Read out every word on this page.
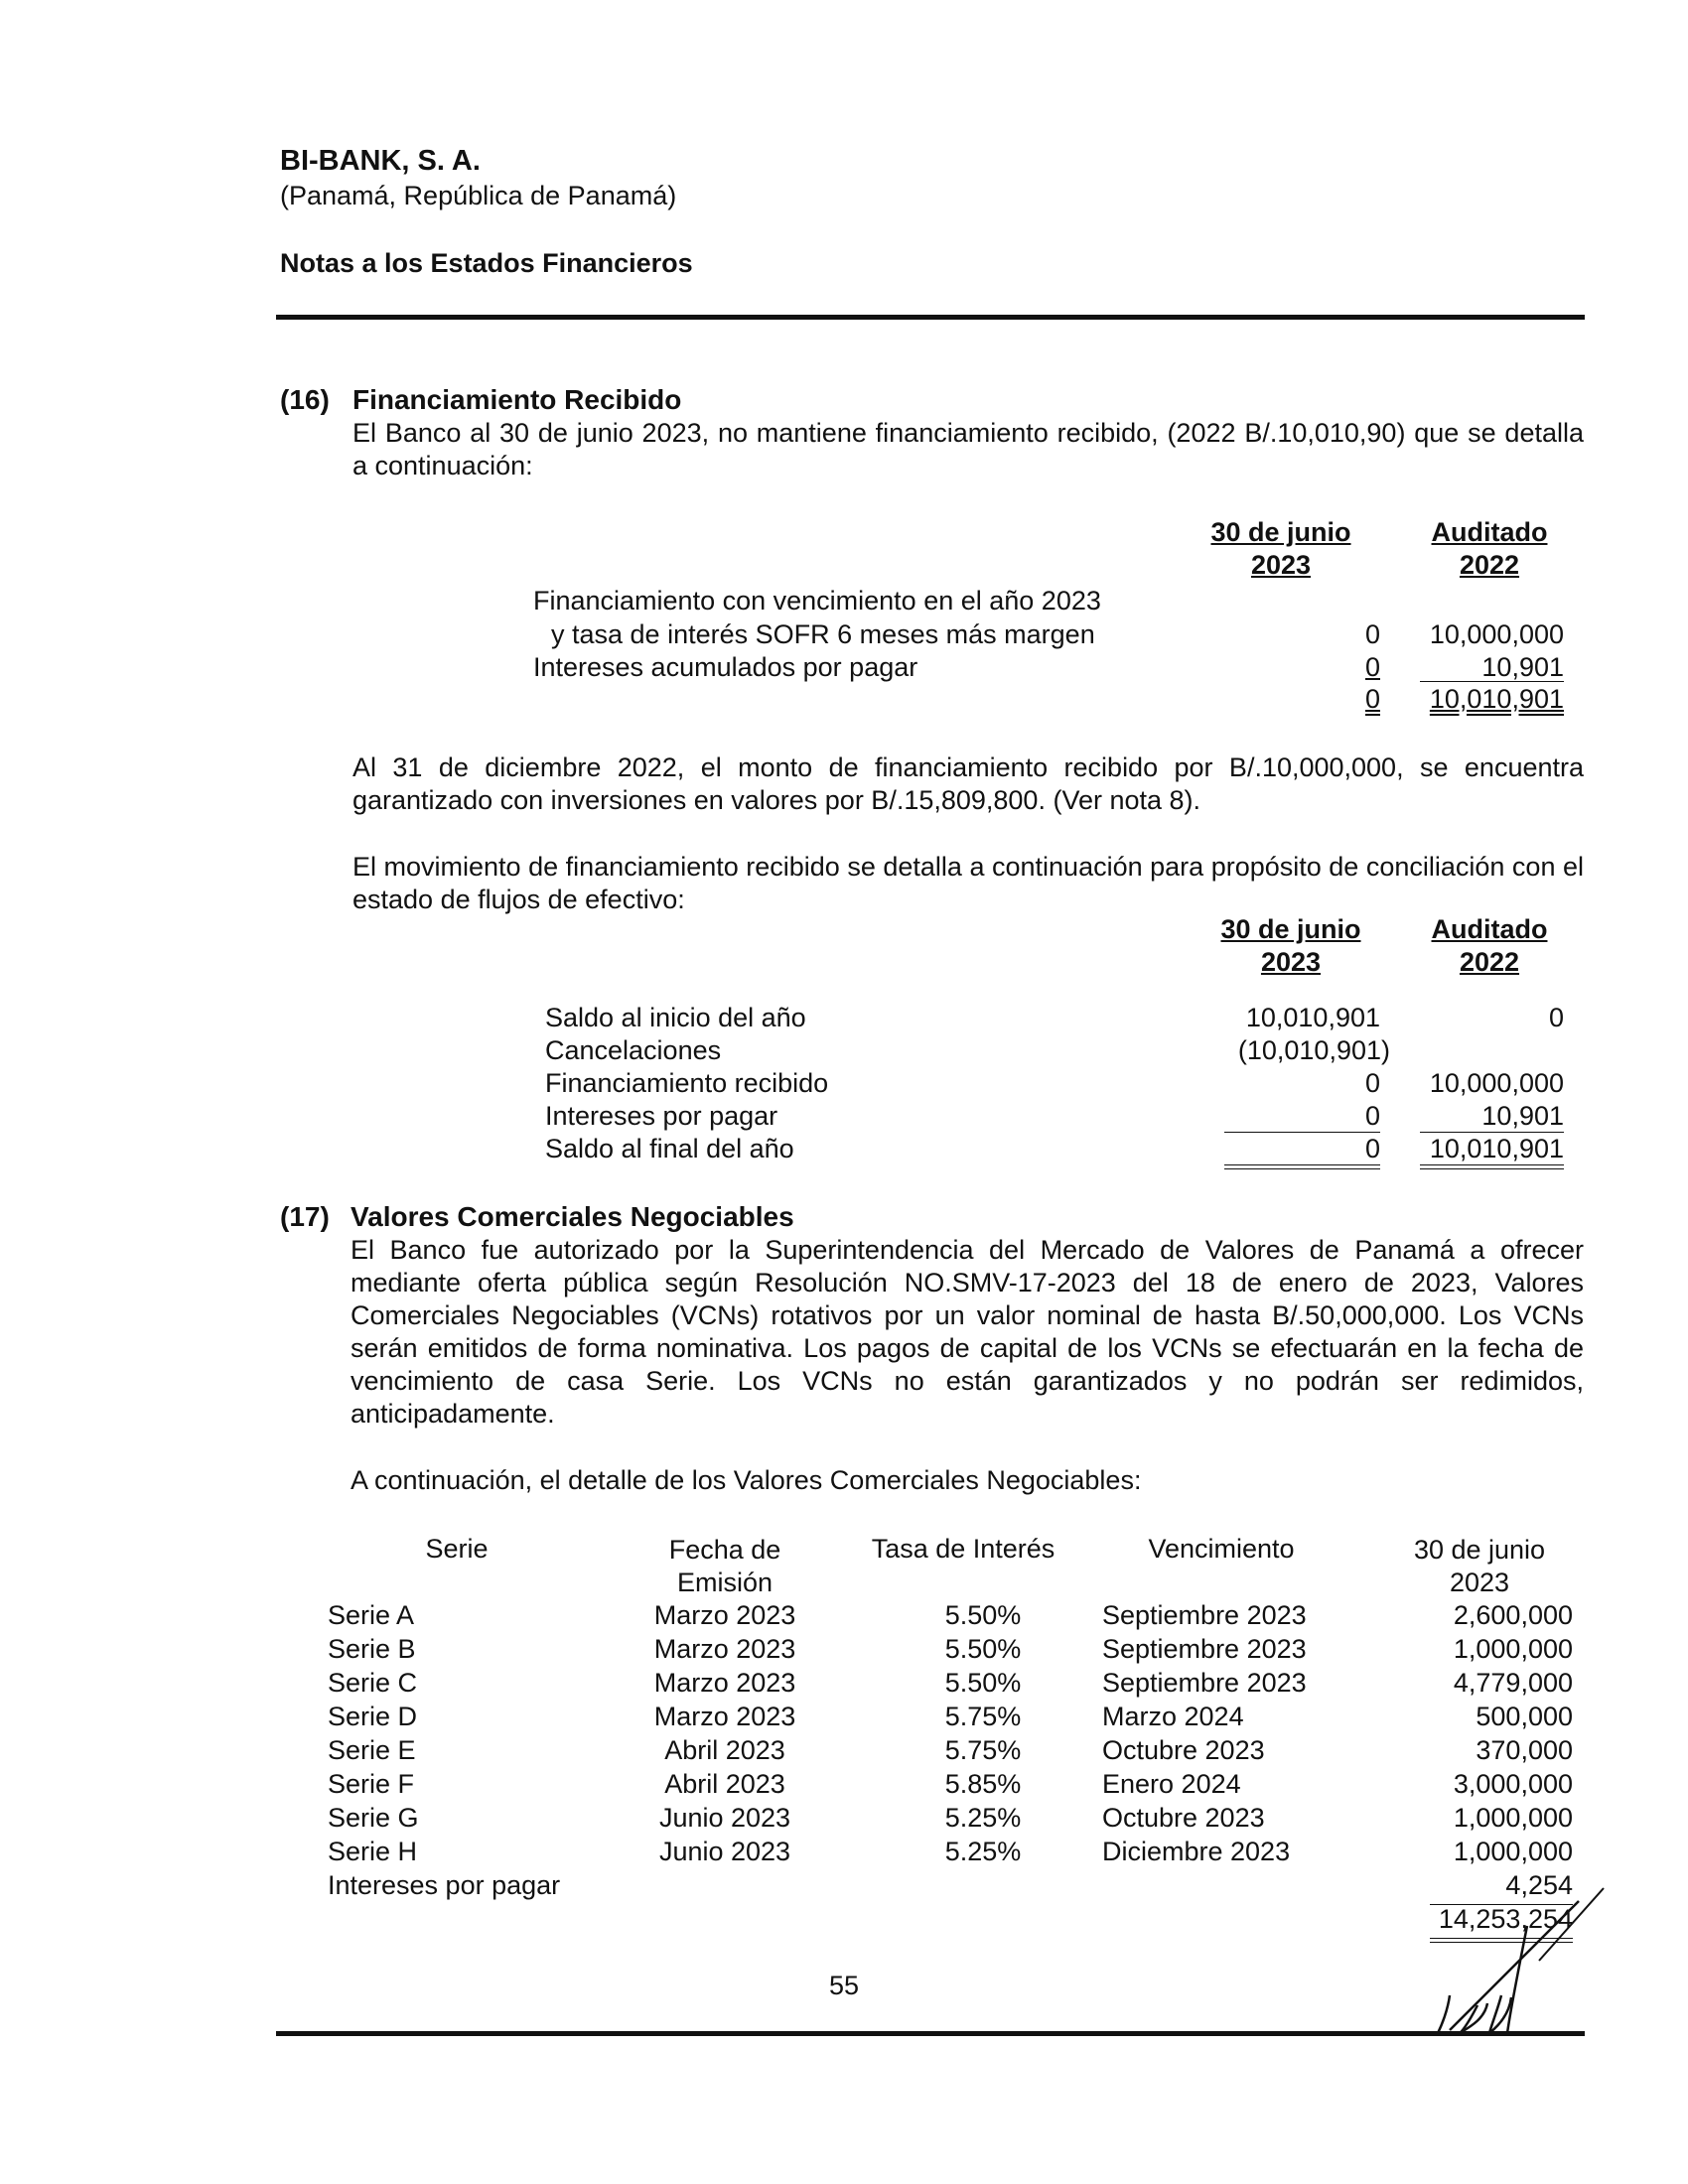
BI-BANK, S. A.
(Panamá, República de Panamá)
Notas a los Estados Financieros
(16) Financiamiento Recibido
El Banco al 30 de junio 2023, no mantiene financiamiento recibido, (2022 B/.10,010,90) que se detalla a continuación:
30 de junio
2023
Auditado
2022
Financiamiento con vencimiento en el año 2023
y tasa de interés SOFR 6 meses más margen	0	10,000,000
Intereses acumulados por pagar	0	10,901
0	10,010,901
Al 31 de diciembre 2022, el monto de financiamiento recibido por B/.10,000,000, se encuentra garantizado con inversiones en valores por B/.15,809,800. (Ver nota 8).
El movimiento de financiamiento recibido se detalla a continuación para propósito de conciliación con el estado de flujos de efectivo:
30 de junio
2023
Auditado
2022
Saldo al inicio del año	10,010,901	0
Cancelaciones	(10,010,901)
Financiamiento recibido	0	10,000,000
Intereses por pagar	0	10,901
Saldo al final del año	0	10,010,901
(17) Valores Comerciales Negociables
El Banco fue autorizado por la Superintendencia del Mercado de Valores de Panamá a ofrecer mediante oferta pública según Resolución NO.SMV-17-2023 del 18 de enero de 2023, Valores Comerciales Negociables (VCNs) rotativos por un valor nominal de hasta B/.50,000,000. Los VCNs serán emitidos de forma nominativa. Los pagos de capital de los VCNs se efectuarán en la fecha de vencimiento de casa Serie. Los VCNs no están garantizados y no podrán ser redimidos, anticipadamente.
A continuación, el detalle de los Valores Comerciales Negociables:
Serie	Fecha de
Emisión
Tasa de Interés	Vencimiento	30 de junio
2023
Serie A	Marzo 2023	5.50%	Septiembre 2023	2,600,000
Serie B	Marzo 2023	5.50%	Septiembre 2023	1,000,000
Serie C	Marzo 2023	5.50%	Septiembre 2023	4,779,000
Serie D	Marzo 2023	5.75%	Marzo 2024	500,000
Serie E	Abril 2023	5.75%	Octubre 2023	370,000
Serie F	Abril 2023	5.85%	Enero 2024	3,000,000
Serie G	Junio 2023	5.25%	Octubre 2023	1,000,000
Serie H	Junio 2023	5.25%	Diciembre 2023	1,000,000
Intereses por pagar	4,254
14,253,254
55
